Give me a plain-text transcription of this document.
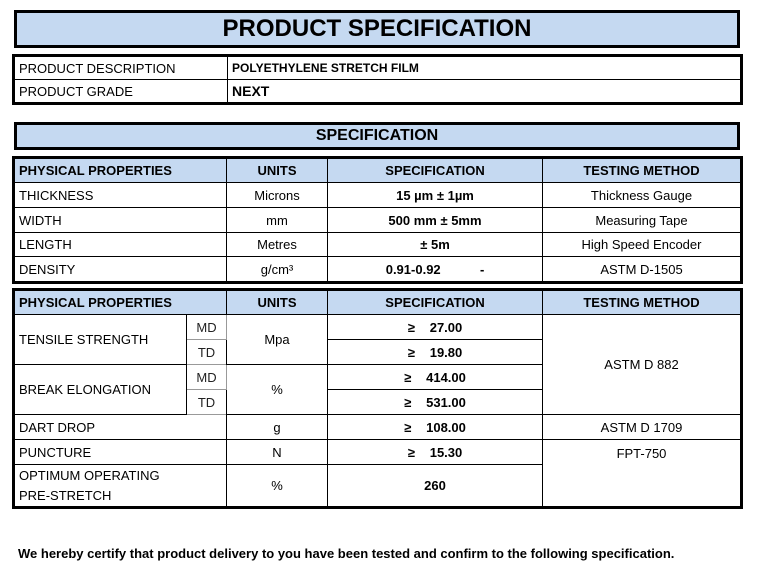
PRODUCT SPECIFICATION
PRODUCT DESCRIPTION	POLYETHYLENE STRETCH FILM
PRODUCT GRADE	NEXT
SPECIFICATION
PHYSICAL PROPERTIES	UNITS	SPECIFICATION	TESTING METHOD
THICKNESS	Microns	15 µm ± 1µm	Thickness Gauge
WIDTH	mm	500 mm ± 5mm	Measuring Tape
LENGTH	Metres	± 5m	High Speed Encoder
DENSITY	g/cm³	0.91-0.92 -	ASTM D-1505
PHYSICAL PROPERTIES		UNITS	SPECIFICATION	TESTING METHOD
TENSILE STRENGTH	MD	Mpa	≥ 27.00	ASTM D 882
	TD		≥ 19.80	
BREAK ELONGATION	MD	%	≥ 414.00	
	TD		≥ 531.00	
DART DROP		g	≥ 108.00	ASTM D 1709
PUNCTURE		N	≥ 15.30	FPT-750

OPTIMUM OPERATING
PRE-STRETCH		%	260	
We hereby certify that product delivery to you have been tested and confirm to the following specification.
